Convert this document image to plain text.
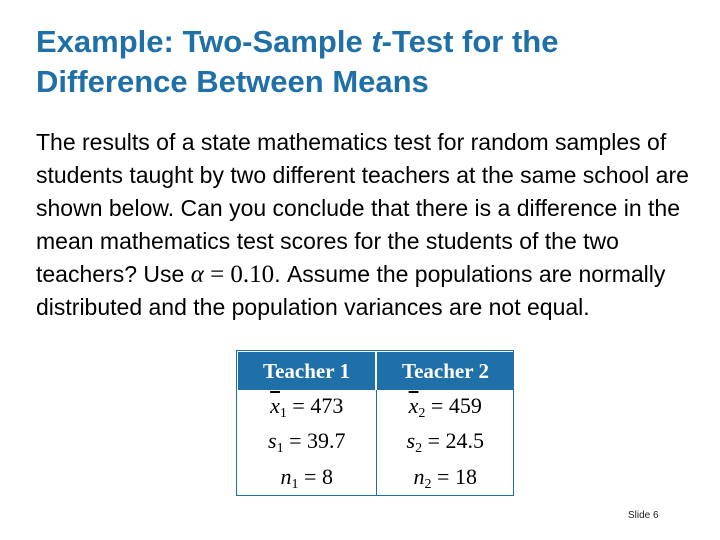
Example: Two-Sample t-Test for the
Difference Between Means
The results of a state mathematics test for random samples of students taught by two different teachers at the same school are shown below. Can you conclude that there is a difference in the mean mathematics test scores for the students of the two teachers? Use α = 0.10. Assume the populations are normally distributed and the population variances are not equal.
Teacher 1	Teacher 2
$\overline{x}_1 = 473$	$\overline{x}_2 = 459$
$s_1 = 39.7$	$s_2 = 24.5$
$n_1 = 8$	$n_2 = 18$
Slide 6
